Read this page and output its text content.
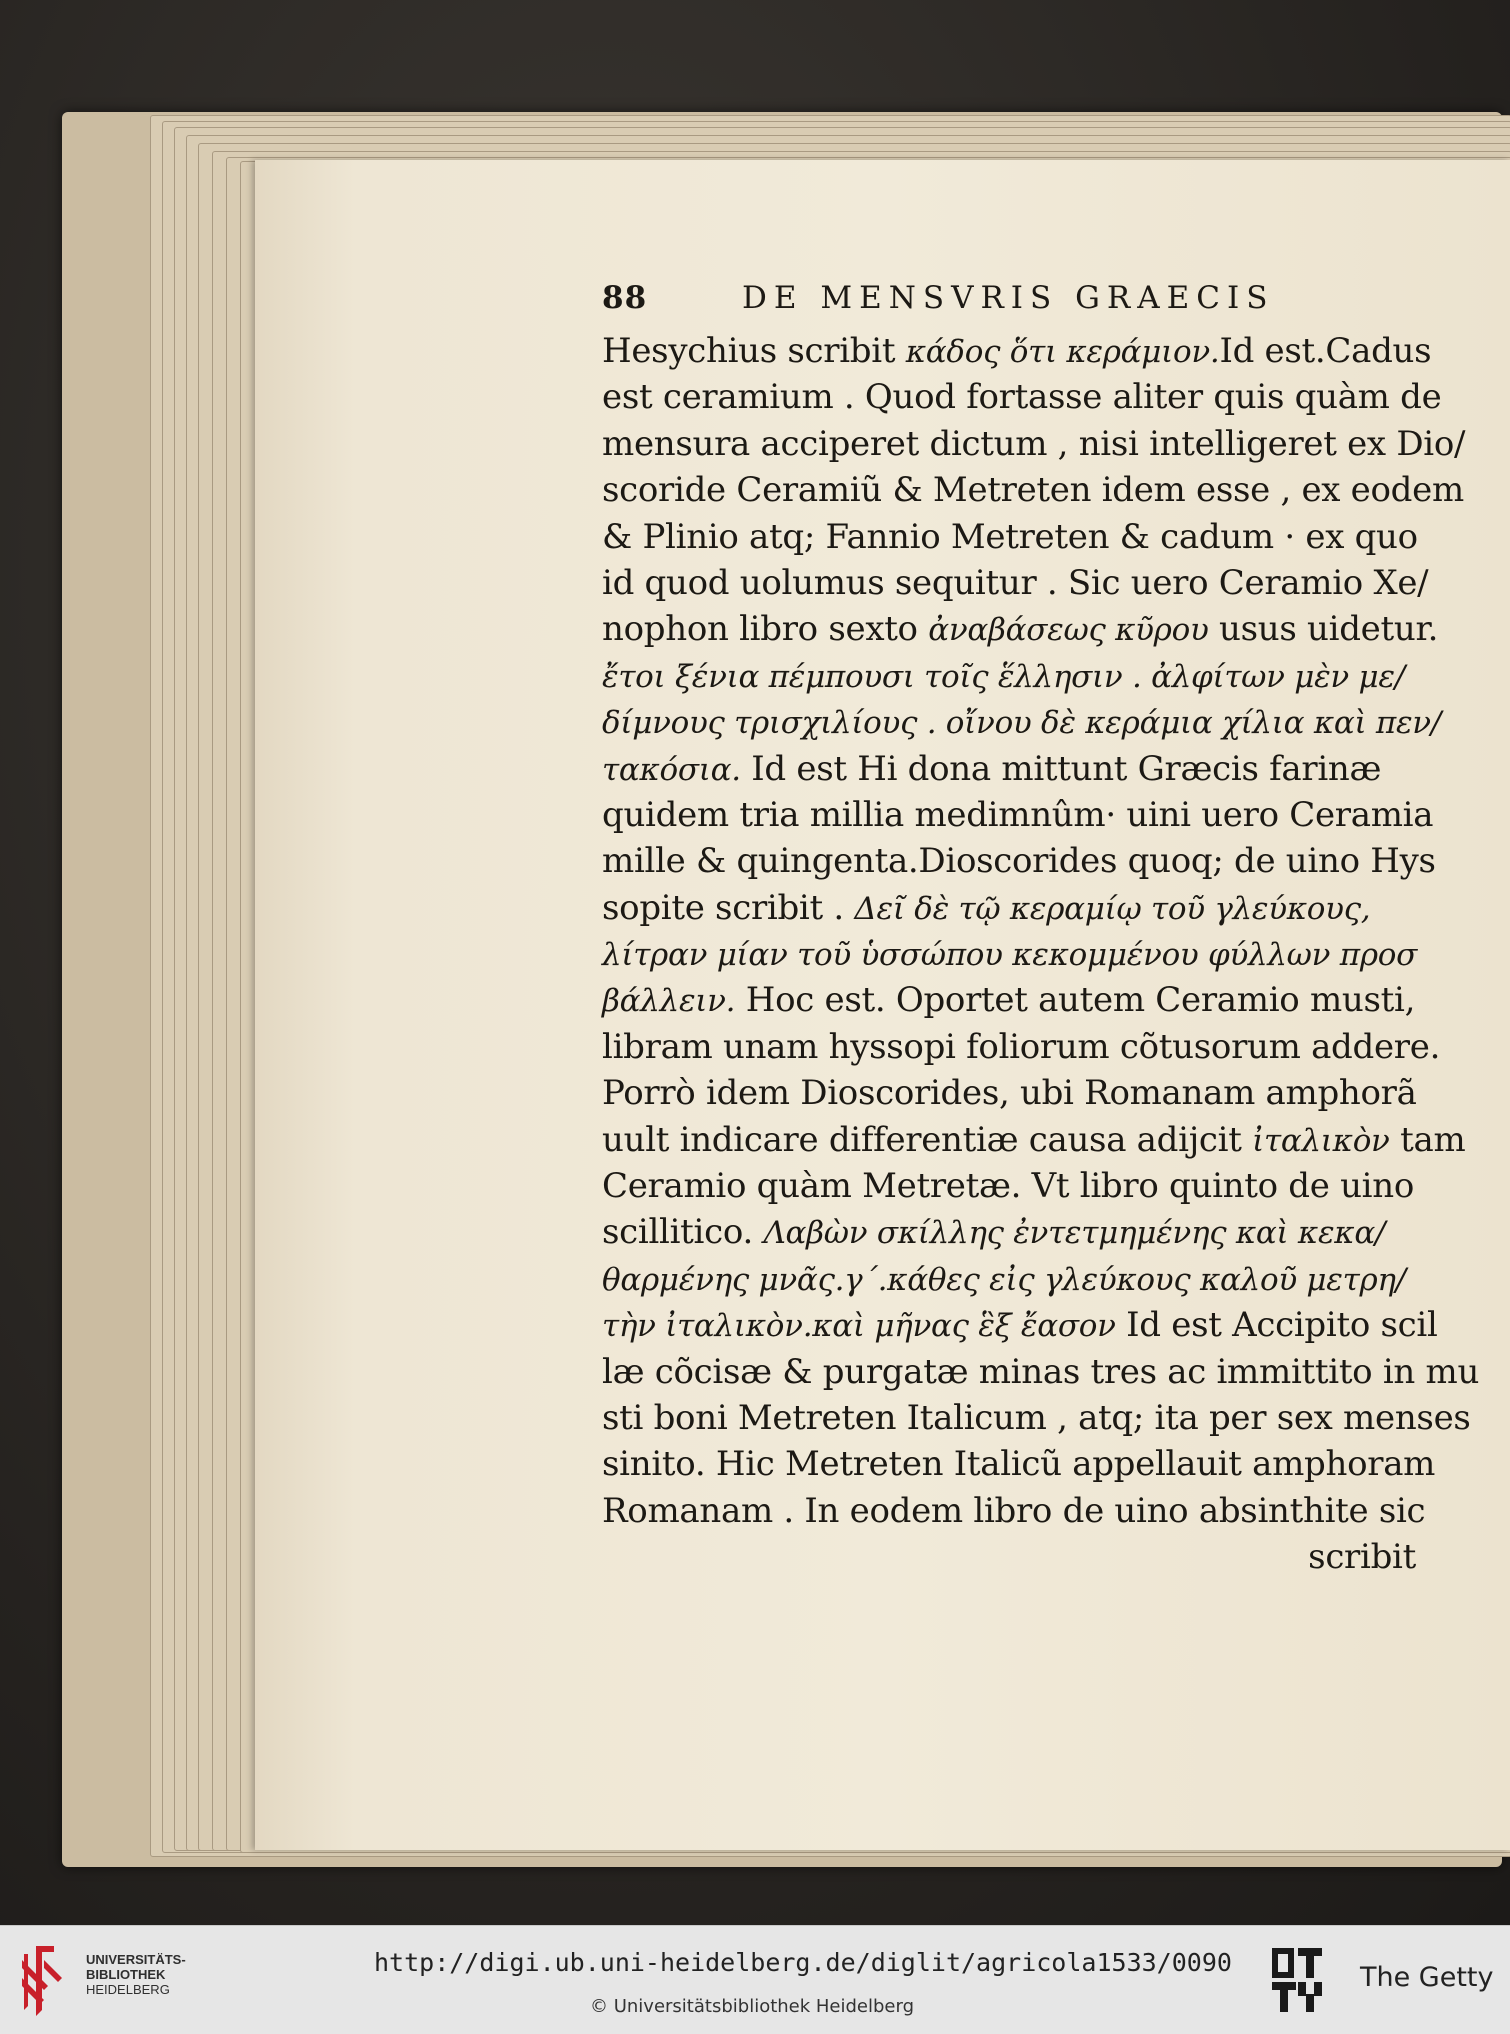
88	DE MENSVRIS GRAECIS
Hesychius scribit κάδος ὅτι κεράμιον.Id est.Cadus
est ceramium . Quod fortasse aliter quis quàm de
mensura acciperet dictum , nisi intelligeret ex Dio/
scoride Ceramiũ & Metreten idem esse , ex eodem
& Plinio atq; Fannio Metreten & cadum · ex quo
id quod uolumus sequitur . Sic uero Ceramio Xe/
nophon libro sexto ἀναβάσεως κῦρου usus uidetur.
ἔτοι ξένια πέμπουσι τοῖς ἕλλησιν . ἀλφίτων μὲν με/
δίμνους τρισχιλίους . οἴνου δὲ κεράμια χίλια καὶ πεν/
τακόσια. Id est Hi dona mittunt Græcis farinæ
quidem tria millia medimnûm· uini uero Ceramia
mille & quingenta.Dioscorides quoq; de uino Hys
sopite scribit . Δεῖ δὲ τῷ κεραμίῳ τοῦ γλεύκους,
λίτραν μίαν τοῦ ὑσσώπου κεκομμένου φύλλων προσ
βάλλειν. Hoc est. Oportet autem Ceramio musti,
libram unam hyssopi foliorum cõtusorum addere.
Porrò idem Dioscorides, ubi Romanam amphorã
uult indicare differentiæ causa adijcit ἰταλικὸν tam
Ceramio quàm Metretæ. Vt libro quinto de uino
scillitico. Λαβὼν σκίλλης ἐντετμημένης καὶ κεκα/
θαρμένης μνᾶς.γ΄.κάθες εἰς γλεύκους καλοῦ μετρη/
τὴν ἰταλικὸν.καὶ μῆνας ἓξ ἔασον Id est Accipito scil
læ cõcisæ & purgatæ minas tres ac immittito in mu
sti boni Metreten Italicum , atq; ita per sex menses
sinito. Hic Metreten Italicũ appellauit amphoram
Romanam . In eodem libro de uino absinthite sic
scribit
UNIVERSITÄTS-
BIBLIOTHEK
HEIDELBERG
http://digi.ub.uni-heidelberg.de/diglit/agricola1533/0090
© Universitätsbibliothek Heidelberg
The Getty
